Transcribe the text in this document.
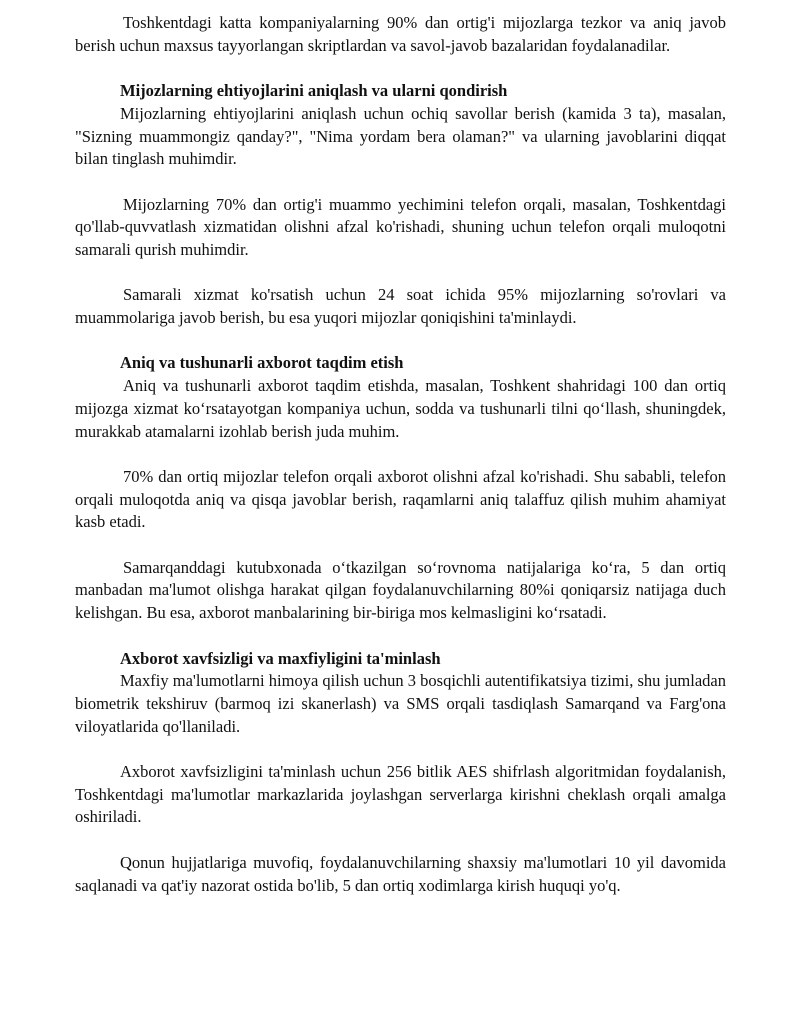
Toshkentdagi katta kompaniyalarning 90% dan ortig'i mijozlarga tezkor va aniq javob berish uchun maxsus tayyorlangan skriptlardan va savol-javob bazalaridan foydalanadilar.

Mijozlarning ehtiyojlarini aniqlash va ularni qondirish

Mijozlarning ehtiyojlarini aniqlash uchun ochiq savollar berish (kamida 3 ta), masalan, "Sizning muammongiz qanday?", "Nima yordam bera olaman?" va ularning javoblarini diqqat bilan tinglash muhimdir.

Mijozlarning 70% dan ortig'i muammo yechimini telefon orqali, masalan, Toshkentdagi qo'llab-quvvatlash xizmatidan olishni afzal ko'rishadi, shuning uchun telefon orqali muloqotni samarali qurish muhimdir.

Samarali xizmat ko'rsatish uchun 24 soat ichida 95% mijozlarning so'rovlari va muammolariga javob berish, bu esa yuqori mijozlar qoniqishini ta'minlaydi.

Aniq va tushunarli axborot taqdim etish

Aniq va tushunarli axborot taqdim etishda, masalan, Toshkent shahridagi 100 dan ortiq mijozga xizmat ko‘rsatayotgan kompaniya uchun, sodda va tushunarli tilni qo‘llash, shuningdek, murakkab atamalarni izohlab berish juda muhim.

70% dan ortiq mijozlar telefon orqali axborot olishni afzal ko'rishadi. Shu sababli, telefon orqali muloqotda aniq va qisqa javoblar berish, raqamlarni aniq talaffuz qilish muhim ahamiyat kasb etadi.

Samarqanddagi kutubxonada o‘tkazilgan so‘rovnoma natijalariga ko‘ra, 5 dan ortiq manbadan ma'lumot olishga harakat qilgan foydalanuvchilarning 80%i qoniqarsiz natijaga duch kelishgan. Bu esa, axborot manbalarining bir-biriga mos kelmasligini ko‘rsatadi.

Axborot xavfsizligi va maxfiyligini ta'minlash

Maxfiy ma'lumotlarni himoya qilish uchun 3 bosqichli autentifikatsiya tizimi, shu jumladan biometrik tekshiruv (barmoq izi skanerlash) va SMS orqali tasdiqlash Samarqand va Farg'ona viloyatlarida qo'llaniladi.

Axborot xavfsizligini ta'minlash uchun 256 bitlik AES shifrlash algoritmidan foydalanish, Toshkentdagi ma'lumotlar markazlarida joylashgan serverlarga kirishni cheklash orqali amalga oshiriladi.

Qonun hujjatlariga muvofiq, foydalanuvchilarning shaxsiy ma'lumotlari 10 yil davomida saqlanadi va qat'iy nazorat ostida bo'lib, 5 dan ortiq xodimlarga kirish huquqi yo'q.
